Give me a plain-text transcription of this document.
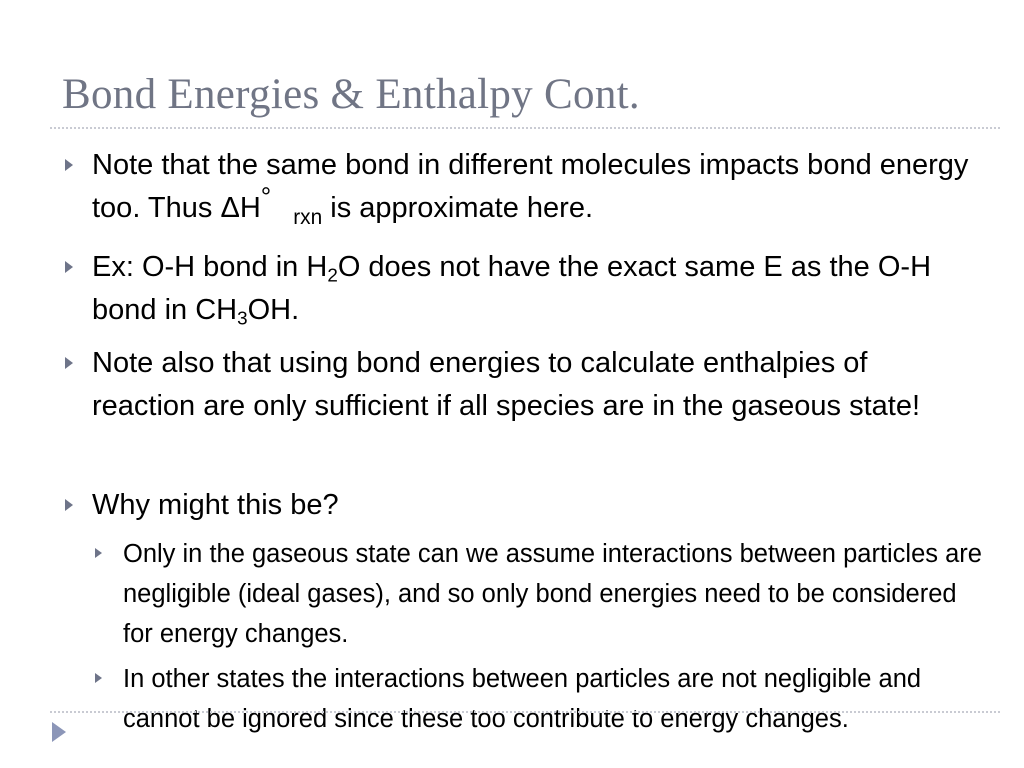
Bond Energies & Enthalpy Cont.
Note that the same bond in different molecules impacts bond energy too. Thus $\Delta H^\circ_{rxn}$ is approximate here.
Ex: O-H bond in $H_2O$ does not have the exact same E as the O-H bond in $CH_3OH$.
Note also that using bond energies to calculate enthalpies of reaction are only sufficient if all species are in the gaseous state!
Why might this be?
Only in the gaseous state can we assume interactions between particles are negligible (ideal gases), and so only bond energies need to be considered for energy changes.
In other states the interactions between particles are not negligible and cannot be ignored since these too contribute to energy changes.
